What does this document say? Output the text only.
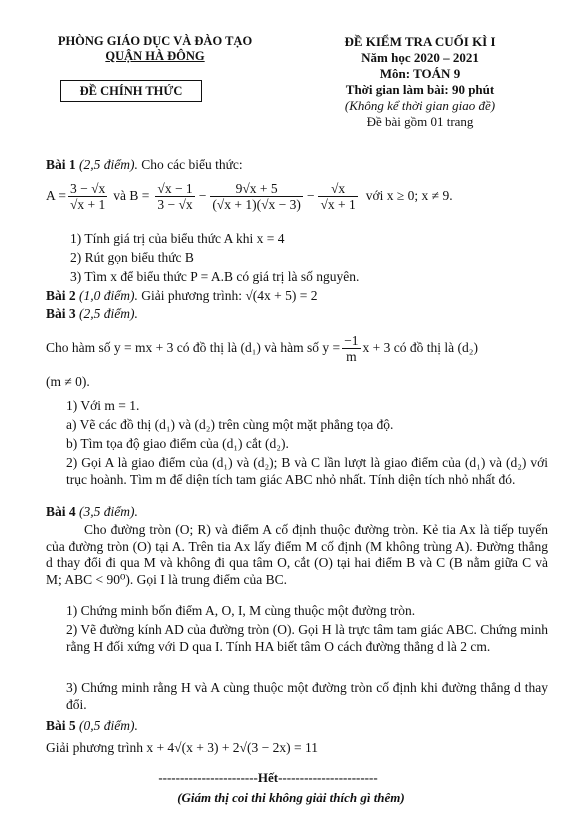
PHÒNG GIÁO DỤC VÀ ĐÀO TẠO
QUẬN HÀ ĐÔNG
ĐỀ CHÍNH THỨC
ĐỀ KIỂM TRA CUỐI KÌ I
Năm học 2020 – 2021
Môn: TOÁN 9
Thời gian làm bài: 90 phút
(Không kể thời gian giao đề)
Đề bài gồm 01 trang
Bài 1 (2,5 điểm). Cho các biểu thức:
$A = \frac{3 - √x}{√x + 1}$ và $B = \frac{√x - 1}{3 - √x} - \frac{9√x + 5}{(√x + 1)(√x - 3)} - \frac{√x}{√x + 1}$ với x ≥ 0; x ≠ 9.
1) Tính giá trị của biểu thức A khi x = 4
2) Rút gọn biểu thức B
3) Tìm x để biểu thức P = A.B có giá trị là số nguyên.
Bài 2 (1,0 điểm). Giải phương trình: √(4x + 5) = 2
Bài 3 (2,5 điểm).
Cho hàm số y = mx + 3 có đồ thị là (d₁) và hàm số $y = \frac{-1}{m}$ x + 3 có đồ thị là (d₂)
(m ≠ 0).
1) Với m = 1.
a) Vẽ các đồ thị (d₁) và (d₂) trên cùng một mặt phẳng tọa độ.
b) Tìm tọa độ giao điểm của (d₁) cắt (d₂).
2) Gọi A là giao điểm của (d₁) và (d₂); B và C lần lượt là giao điểm của (d₁) và (d₂) với trục hoành. Tìm m để diện tích tam giác ABC nhỏ nhất. Tính diện tích nhỏ nhất đó.
Bài 4 (3,5 điểm).
Cho đường tròn (O; R) và điểm A cố định thuộc đường tròn. Kẻ tia Ax là tiếp tuyến của đường tròn (O) tại A. Trên tia Ax lấy điểm M cố định (M không trùng A). Đường thẳng d thay đổi đi qua M và không đi qua tâm O, cắt (O) tại hai điểm B và C (B nằm giữa C và M; ABC < 90⁰). Gọi I là trung điểm của BC.
1) Chứng minh bốn điểm A, O, I, M cùng thuộc một đường tròn.
2) Vẽ đường kính AD của đường tròn (O). Gọi H là trực tâm tam giác ABC. Chứng minh rằng H đối xứng với D qua I. Tính HA biết tâm O cách đường thẳng d là 2 cm.
3) Chứng minh rằng H và A cùng thuộc một đường tròn cố định khi đường thẳng d thay đổi.
Bài 5 (0,5 điểm).
Giải phương trình x + 4√(x + 3) + 2√(3 − 2x) = 11
-----------------------Hết-----------------------
(Giám thị coi thi không giải thích gì thêm)
